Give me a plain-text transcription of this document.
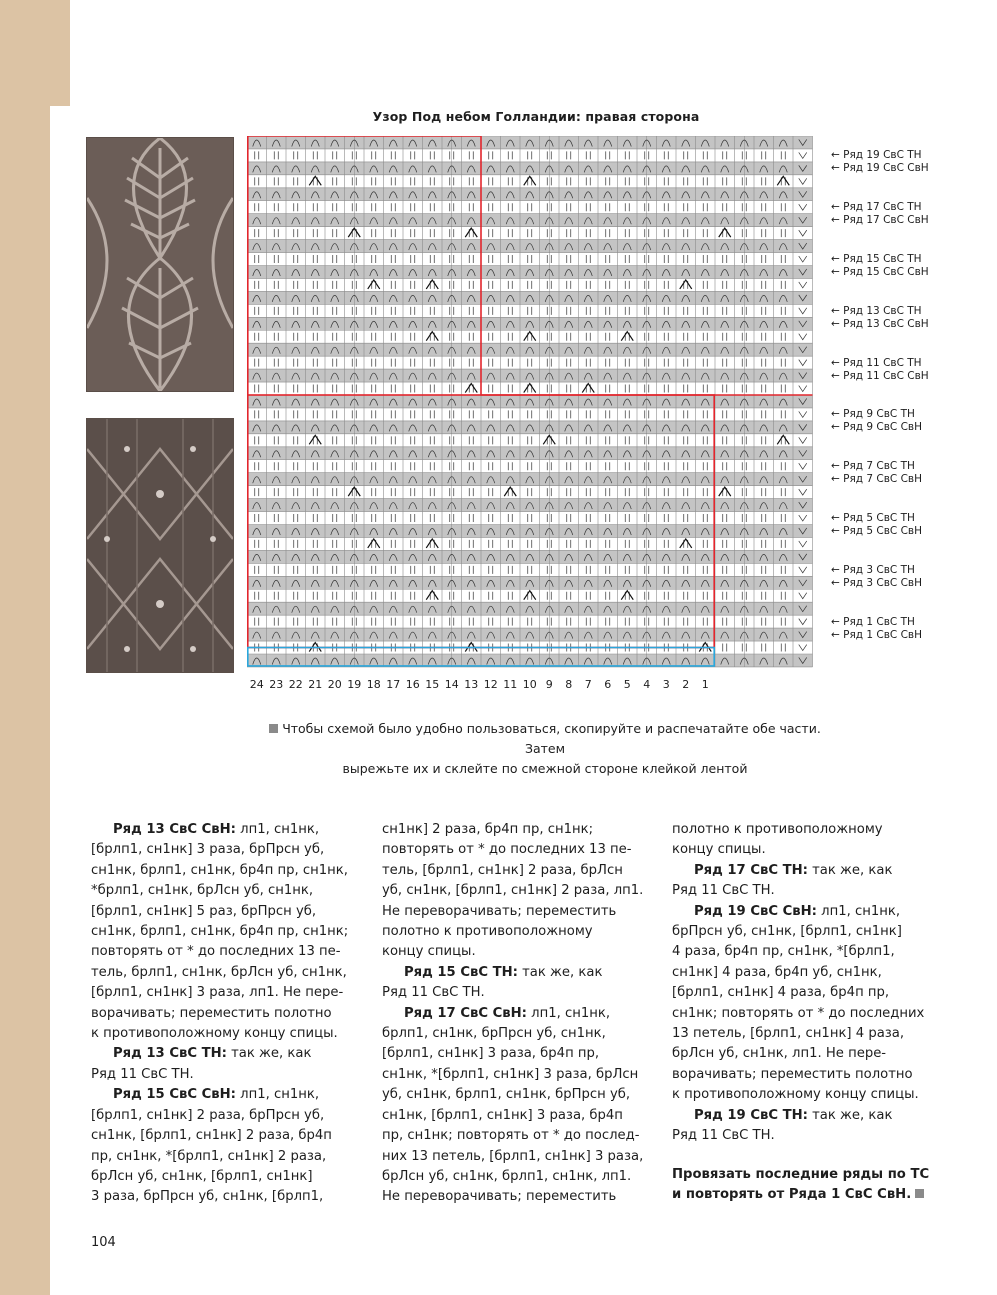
Узор Под небом Голландии: правая сторона
← Ряд 19 СвС ТН
← Ряд 19 СвС СвН
← Ряд 17 СвС ТН
← Ряд 17 СвС СвН
← Ряд 15 СвС ТН
← Ряд 15 СвС СвН
← Ряд 13 СвС ТН
← Ряд 13 СвС СвН
← Ряд 11 СвС ТН
← Ряд 11 СвС СвН
← Ряд 9 СвС ТН
← Ряд 9 СвС СвН
← Ряд 7 СвС ТН
← Ряд 7 СвС СвН
← Ряд 5 СвС ТН
← Ряд 5 СвС СвН
← Ряд 3 СвС ТН
← Ряд 3 СвС СвН
← Ряд 1 СвС ТН
← Ряд 1 СвС СвН
24 23 22 21 20 19 18 17 16 15 14 13 12 11 10 9	8	7	6	5	4	3	2	1
Чтобы схемой было удобно пользоваться, скопируйте и распечатайте обе части. Затем
вырежьте их и склейте по смежной стороне клейкой лентой

Ряд 13 СвС СвН: лп1, сн1нк,

[брлп1, сн1нк] 3 раза, брПрсн уб,

сн1нк, брлп1, сн1нк, бр4п пр, сн1нк,

*брлп1, сн1нк, брЛсн уб, сн1нк,

[брлп1, сн1нк] 5 раз, брПрсн уб,

сн1нк, брлп1, сн1нк, бр4п пр, сн1нк;

повторять от * до последних 13 пе-

тель, брлп1, сн1нк, брЛсн уб, сн1нк,

[брлп1, сн1нк] 3 раза, лп1. Не пере-

ворачивать; переместить полотно

к противоположному концу спицы.

Ряд 13 СвС ТН: так же, как

Ряд 11 СвС ТН.

Ряд 15 СвС СвН: лп1, сн1нк,

[брлп1, сн1нк] 2 раза, брПрсн уб,

сн1нк, [брлп1, сн1нк] 2 раза, бр4п

пр, сн1нк, *[брлп1, сн1нк] 2 раза,

брЛсн уб, сн1нк, [брлп1, сн1нк]

3 раза, брПрсн уб, сн1нк, [брлп1,

сн1нк] 2 раза, бр4п пр, сн1нк;

повторять от * до последних 13 пе-

тель, [брлп1, сн1нк] 2 раза, брЛсн

уб, сн1нк, [брлп1, сн1нк] 2 раза, лп1.

Не переворачивать; переместить

полотно к противоположному

концу спицы.

Ряд 15 СвС ТН: так же, как

Ряд 11 СвС ТН.

Ряд 17 СвС СвН: лп1, сн1нк,

брлп1, сн1нк, брПрсн уб, сн1нк,

[брлп1, сн1нк] 3 раза, бр4п пр,

сн1нк, *[брлп1, сн1нк] 3 раза, брЛсн

уб, сн1нк, брлп1, сн1нк, брПрсн уб,

сн1нк, [брлп1, сн1нк] 3 раза, бр4п

пр, сн1нк; повторять от * до послед-

них 13 петель, [брлп1, сн1нк] 3 раза,

брЛсн уб, сн1нк, брлп1, сн1нк, лп1.

Не переворачивать; переместить

полотно к противоположному

концу спицы.

Ряд 17 СвС ТН: так же, как

Ряд 11 СвС ТН.

Ряд 19 СвС СвН: лп1, сн1нк,

брПрсн уб, сн1нк, [брлп1, сн1нк]

4 раза, бр4п пр, сн1нк, *[брлп1,

сн1нк] 4 раза, бр4п уб, сн1нк,

[брлп1, сн1нк] 4 раза, бр4п пр,

сн1нк; повторять от * до последних

13 петель, [брлп1, сн1нк] 4 раза,

брЛсн уб, сн1нк, лп1. Не пере-

ворачивать; переместить полотно

к противоположному концу спицы.

Ряд 19 СвС ТН: так же, как

Ряд 11 СвС ТН.

Провязать последние ряды по ТС

и повторять от Ряда 1 СвС СвН.

104
